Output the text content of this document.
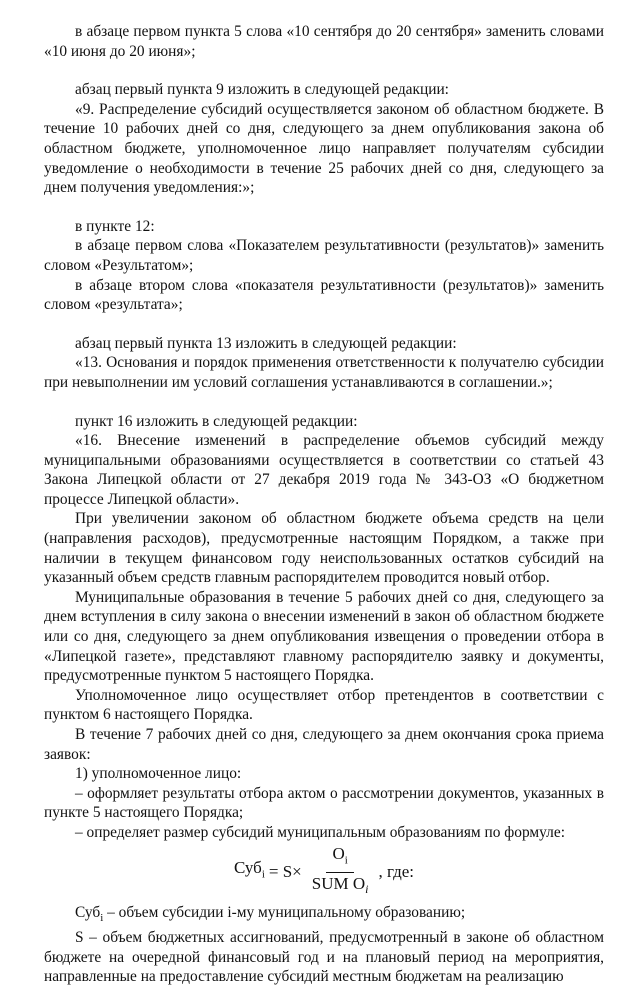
в абзаце первом пункта 5 слова «10 сентября до 20 сентября» заменить словами «10 июня до 20 июня»;

абзац первый пункта 9 изложить в следующей редакции:

«9. Распределение субсидий осуществляется законом об областном бюджете. В течение 10 рабочих дней со дня, следующего за днем опубликования закона об областном бюджете, уполномоченное лицо направляет получателям субсидии уведомление о необходимости в течение 25 рабочих дней со дня, следующего за днем получения уведомления:»;

в пункте 12:

в абзаце первом слова «Показателем результативности (результатов)» заменить словом «Результатом»;

в абзаце втором слова «показателя результативности (результатов)» заменить словом «результата»;

абзац первый пункта 13 изложить в следующей редакции:

«13. Основания и порядок применения ответственности к получателю субсидии при невыполнении им условий соглашения устанавливаются в соглашении.»;

пункт 16 изложить в следующей редакции:

«16. Внесение изменений в распределение объемов субсидий между муниципальными образованиями осуществляется в соответствии со статьей 43 Закона Липецкой области от 27 декабря 2019 года № 343-ОЗ «О бюджетном процессе Липецкой области».

При увеличении законом об областном бюджете объема средств на цели (направления расходов), предусмотренные настоящим Порядком, а также при наличии в текущем финансовом году неиспользованных остатков субсидий на указанный объем средств главным распорядителем проводится новый отбор.

Муниципальные образования в течение 5 рабочих дней со дня, следующего за днем вступления в силу закона о внесении изменений в закон об областном бюджете или со дня, следующего за днем опубликования извещения о проведении отбора в «Липецкой газете», представляют главному распорядителю заявку и документы, предусмотренные пунктом 5 настоящего Порядка.

Уполномоченное лицо осуществляет отбор претендентов в соответствии с пунктом 6 настоящего Порядка.

В течение 7 рабочих дней со дня, следующего за днем окончания срока приема заявок:

1) уполномоченное лицо:

– оформляет результаты отбора актом о рассмотрении документов, указанных в пункте 5 настоящего Порядка;

– определяет размер субсидий муниципальным образованиям по формуле:

$Суб_i = S\times \frac{O_i}{SUM O_i}$ , где:

Суб$_i$ – объем субсидии i-му муниципальному образованию;

S – объем бюджетных ассигнований, предусмотренный в законе об областном бюджете на очередной финансовый год и на плановый период на мероприятия, направленные на предоставление субсидий местным бюджетам на реализацию
